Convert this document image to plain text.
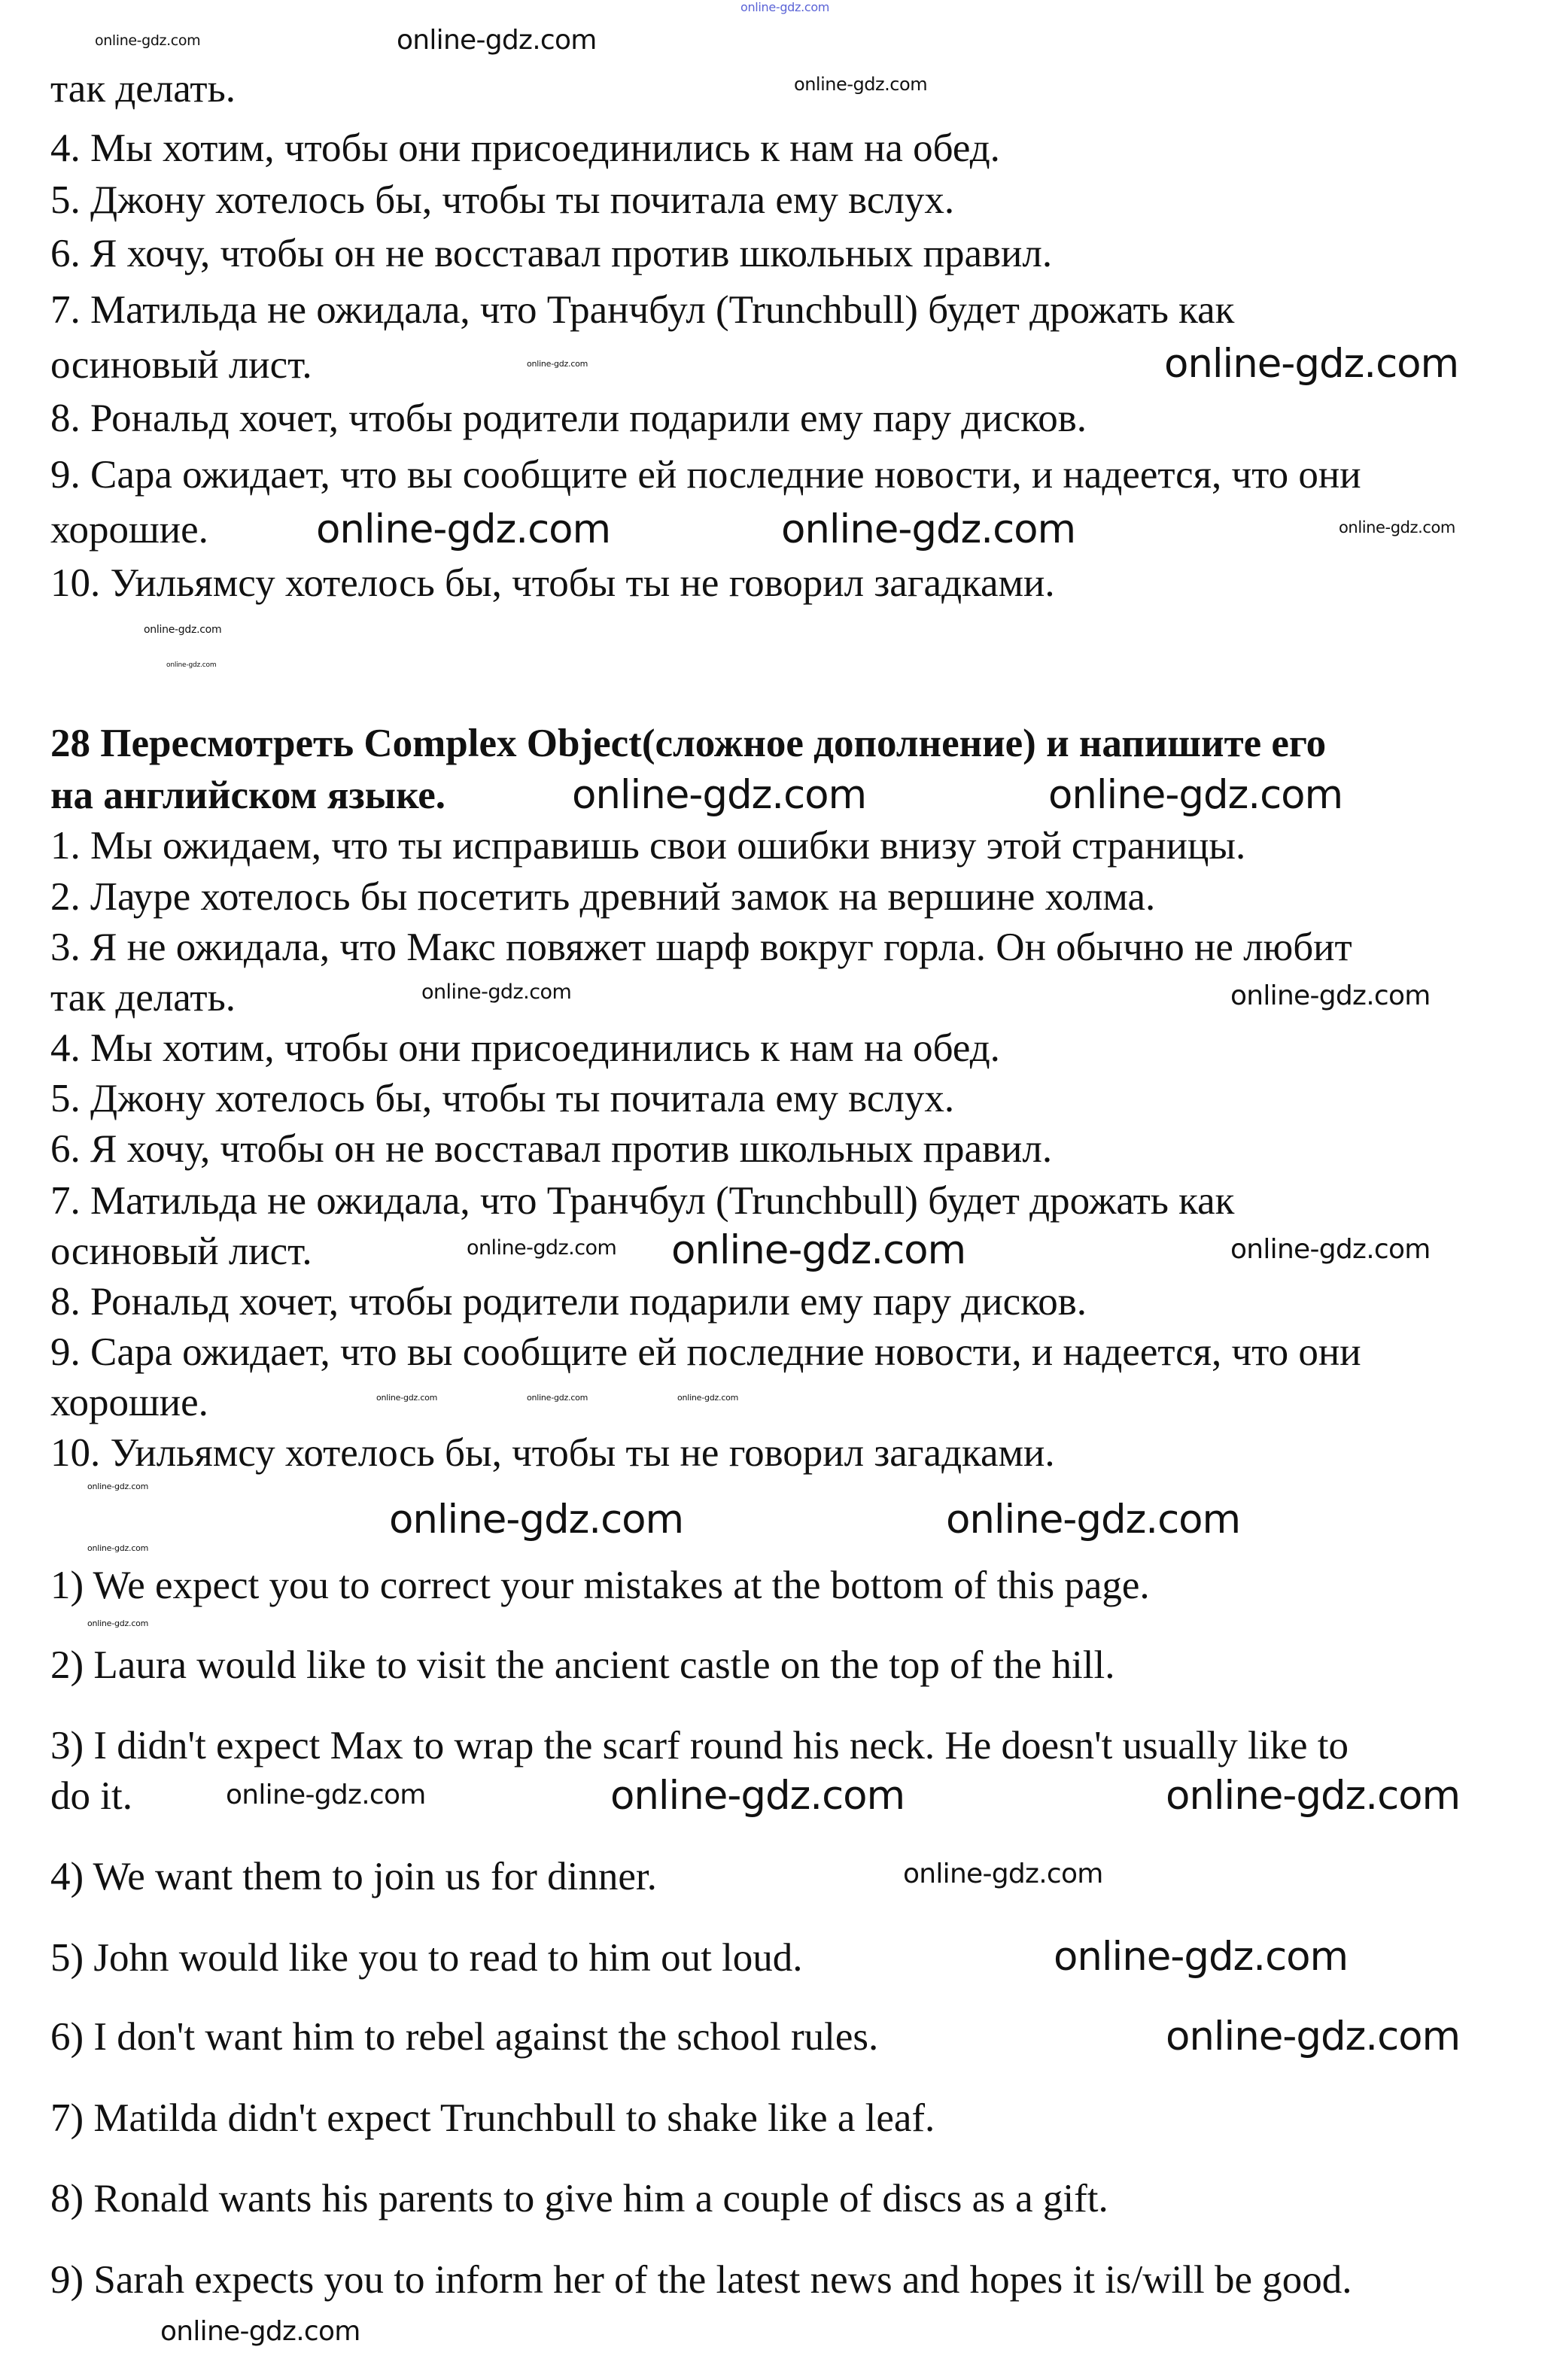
так делать.
4. Мы хотим, чтобы они присоединились к нам на обед.
5. Джону хотелось бы, чтобы ты почитала ему вслух.
6. Я хочу, чтобы он не восставал против школьных правил.
7. Матильда не ожидала, что Транчбул (Trunchbull) будет дрожать как
осиновый лист.
8. Рональд хочет, чтобы родители подарили ему пару дисков.
9. Сара ожидает, что вы сообщите ей последние новости, и надеется, что они
хорошие.
10. Уильямсу хотелось бы, чтобы ты не говорил загадками.
28 Пересмотреть Complex Object(сложное дополнение) и напишите его
на английском языке.
1. Мы ожидаем, что ты исправишь свои ошибки внизу этой страницы.
2. Лауре хотелось бы посетить древний замок на вершине холма.
3. Я не ожидала, что Макс повяжет шарф вокруг горла. Он обычно не любит
так делать.
4. Мы хотим, чтобы они присоединились к нам на обед.
5. Джону хотелось бы, чтобы ты почитала ему вслух.
6. Я хочу, чтобы он не восставал против школьных правил.
7. Матильда не ожидала, что Транчбул (Trunchbull) будет дрожать как
осиновый лист.
8. Рональд хочет, чтобы родители подарили ему пару дисков.
9. Сара ожидает, что вы сообщите ей последние новости, и надеется, что они
хорошие.
10. Уильямсу хотелось бы, чтобы ты не говорил загадками.
1) We expect you to correct your mistakes at the bottom of this page.
2) Laura would like to visit the ancient castle on the top of the hill.
3) I didn't expect Max to wrap the scarf round his neck. He doesn't usually like to
do it.
4) We want them to join us for dinner.
5) John would like you to read to him out loud.
6) I don't want him to rebel against the school rules.
7) Matilda didn't expect Trunchbull to shake like a leaf.
8) Ronald wants his parents to give him a couple of discs as a gift.
9) Sarah expects you to inform her of the latest news and hopes it is/will be good.
online-gdz.com
online-gdz.com
online-gdz.com
online-gdz.com
online-gdz.com
online-gdz.com
online-gdz.com	online-gdz.com	online-gdz.com
online-gdz.com	online-gdz.com
online-gdz.com
online-gdz.com	online-gdz.com
online-gdz.com
online-gdz.com
online-gdz.com
online-gdz.com	online-gdz.com
online-gdz.com	online-gdz.com
online-gdz.com
online-gdz.com	online-gdz.com
online-gdz.com
online-gdz.com
online-gdz.com	online-gdz.com	online-gdz.com
online-gdz.com
online-gdz.com
online-gdz.com
online-gdz.com
